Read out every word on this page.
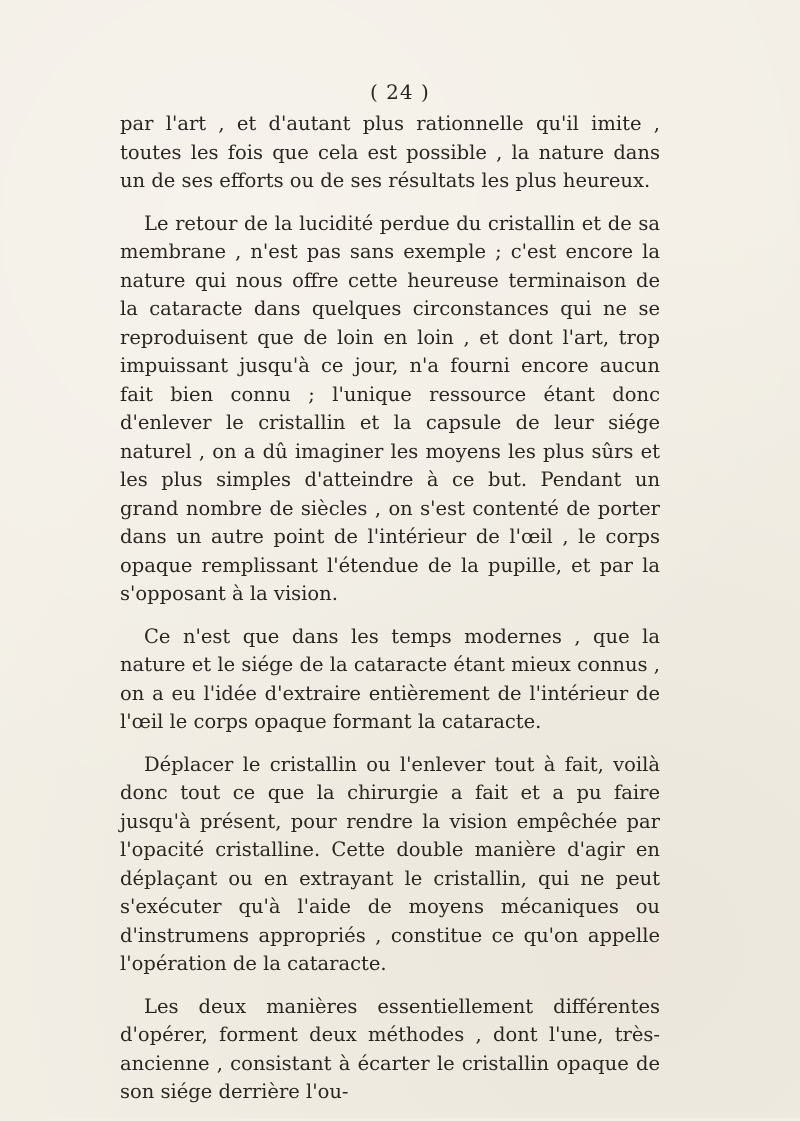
( 24 )

par l'art , et d'autant plus rationnelle qu'il imite , toutes les fois que cela est possible , la nature dans un de ses efforts ou de ses résultats les plus heureux.

Le retour de la lucidité perdue du cristallin et de sa membrane , n'est pas sans exemple ; c'est encore la nature qui nous offre cette heureuse terminaison de la cataracte dans quelques circonstances qui ne se reproduisent que de loin en loin , et dont l'art, trop impuissant jusqu'à ce jour, n'a fourni encore aucun fait bien connu ; l'unique ressource étant donc d'enlever le cristallin et la capsule de leur siége naturel , on a dû imaginer les moyens les plus sûrs et les plus simples d'atteindre à ce but. Pendant un grand nombre de siècles , on s'est contenté de porter dans un autre point de l'intérieur de l'œil , le corps opaque remplissant l'étendue de la pupille, et par la s'opposant à la vision.

Ce n'est que dans les temps modernes , que la nature et le siége de la cataracte étant mieux connus , on a eu l'idée d'extraire entièrement de l'intérieur de l'œil le corps opaque formant la cataracte.

Déplacer le cristallin ou l'enlever tout à fait, voilà donc tout ce que la chirurgie a fait et a pu faire jusqu'à présent, pour rendre la vision empêchée par l'opacité cristalline. Cette double manière d'agir en déplaçant ou en extrayant le cristallin, qui ne peut s'exécuter qu'à l'aide de moyens mécaniques ou d'instrumens appropriés , constitue ce qu'on appelle l'opération de la cataracte.

Les deux manières essentiellement différentes d'opérer, forment deux méthodes , dont l'une, très-ancienne , consistant à écarter le cristallin opaque de son siége derrière l'ou-
